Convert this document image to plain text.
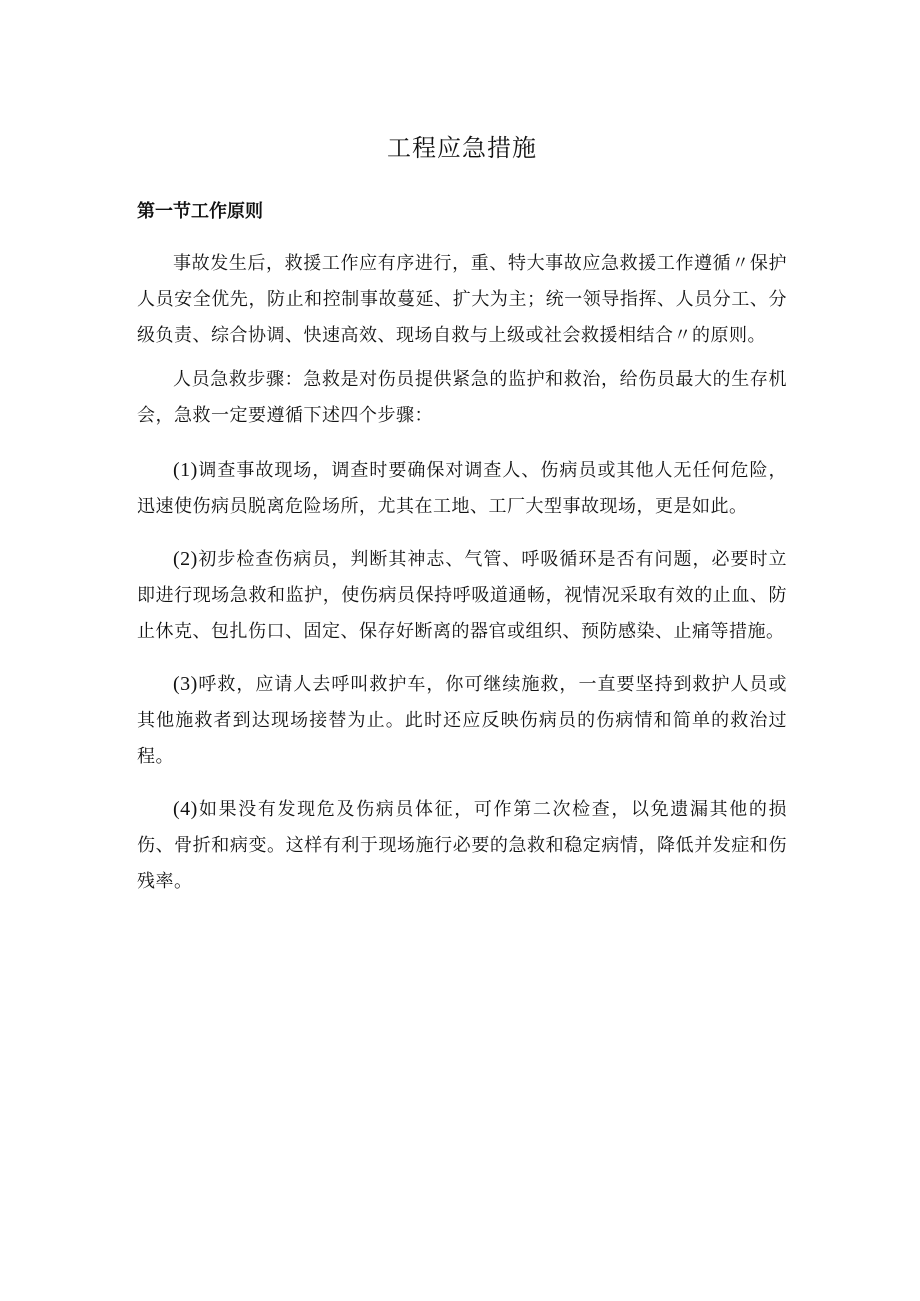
工程应急措施
第一节工作原则

事故发生后，救援工作应有序进行，重、特大事故应急救援工作遵循〃保护人员安全优先，防止和控制事故蔓延、扩大为主；统一领导指挥、人员分工、分级负责、综合协调、快速高效、现场自救与上级或社会救援相结合〃的原则。

人员急救步骤：急救是对伤员提供紧急的监护和救治，给伤员最大的生存机会，急救一定要遵循下述四个步骤：

(1)调查事故现场，调查时要确保对调查人、伤病员或其他人无任何危险，迅速使伤病员脱离危险场所，尤其在工地、工厂大型事故现场，更是如此。

(2)初步检查伤病员，判断其神志、气管、呼吸循环是否有问题，必要时立即进行现场急救和监护，使伤病员保持呼吸道通畅，视情况采取有效的止血、防止休克、包扎伤口、固定、保存好断离的器官或组织、预防感染、止痛等措施。

(3)呼救，应请人去呼叫救护车，你可继续施救，一直要坚持到救护人员或其他施救者到达现场接替为止。此时还应反映伤病员的伤病情和简单的救治过程。

(4)如果没有发现危及伤病员体征，可作第二次检查，以免遗漏其他的损伤、骨折和病变。这样有利于现场施行必要的急救和稳定病情，降低并发症和伤残率。
